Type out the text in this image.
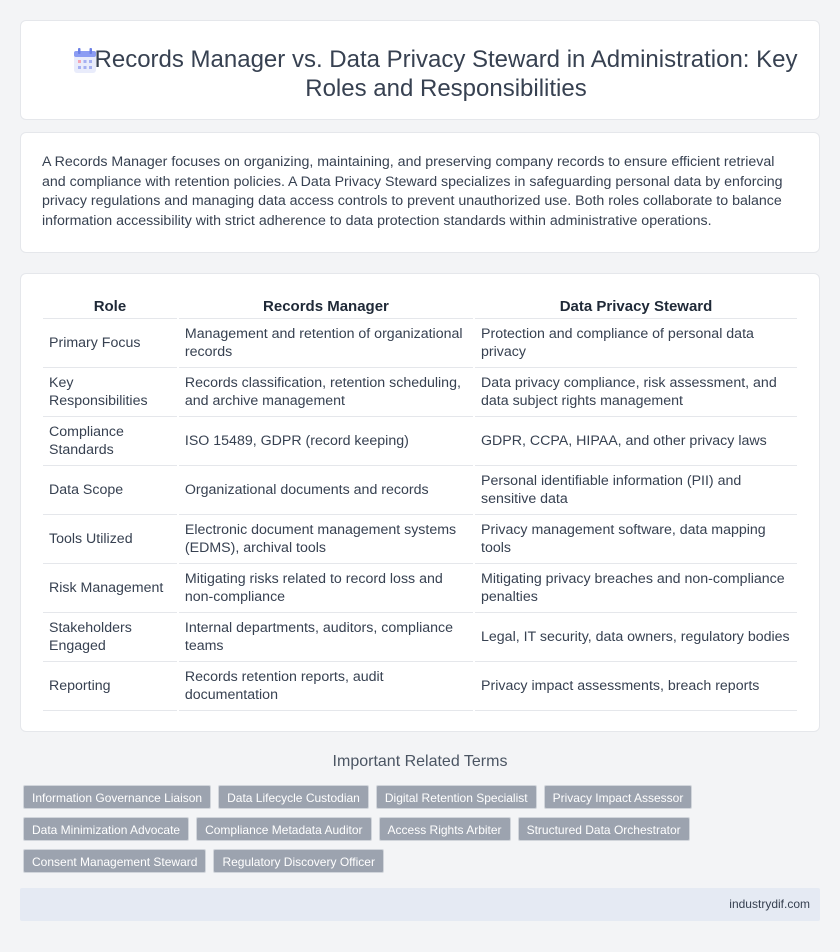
Records Manager vs. Data Privacy Steward in Administration: Key Roles and Responsibilities

A Records Manager focuses on organizing, maintaining, and preserving company records to ensure efficient retrieval and compliance with retention policies. A Data Privacy Steward specializes in safeguarding personal data by enforcing privacy regulations and managing data access controls to prevent unauthorized use. Both roles collaborate to balance information accessibility with strict adherence to data protection standards within administrative operations.

Role	Records Manager	Data Privacy Steward
Primary Focus	Management and retention of organizational records	Protection and compliance of personal data privacy
Key Responsibilities	Records classification, retention scheduling, and archive management	Data privacy compliance, risk assessment, and data subject rights management
Compliance Standards	ISO 15489, GDPR (record keeping)	GDPR, CCPA, HIPAA, and other privacy laws
Data Scope	Organizational documents and records	Personal identifiable information (PII) and sensitive data
Tools Utilized	Electronic document management systems (EDMS), archival tools	Privacy management software, data mapping tools
Risk Management	Mitigating risks related to record loss and non-compliance	Mitigating privacy breaches and non-compliance penalties
Stakeholders Engaged	Internal departments, auditors, compliance teams	Legal, IT security, data owners, regulatory bodies
Reporting	Records retention reports, audit documentation	Privacy impact assessments, breach reports
Important Related Terms
Information Governance Liaison	Data Lifecycle Custodian	Digital Retention Specialist	Privacy Impact Assessor
Data Minimization Advocate	Compliance Metadata Auditor	Access Rights Arbiter	Structured Data Orchestrator
Consent Management Steward	Regulatory Discovery Officer
industrydif.com
